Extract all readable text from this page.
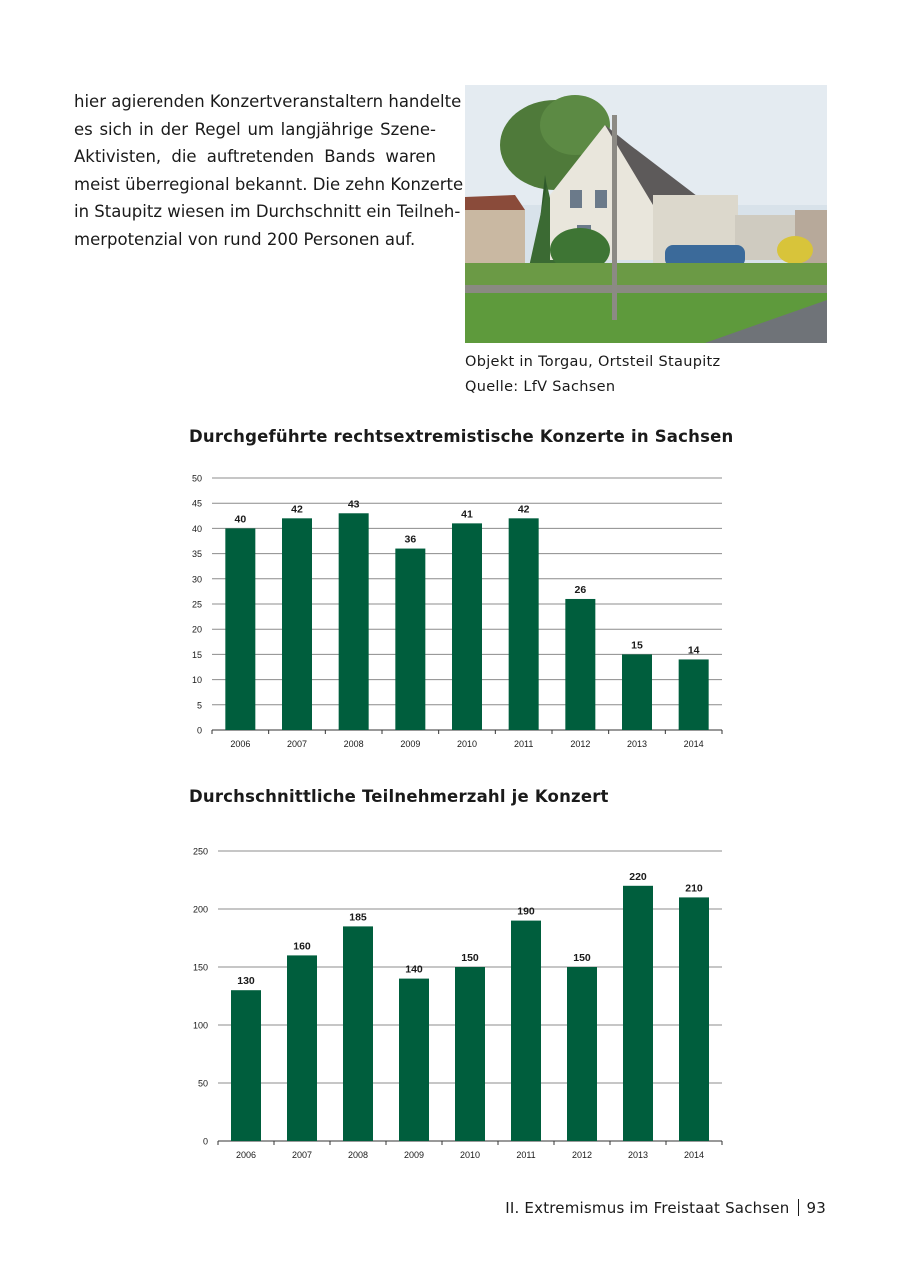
hier agierenden Konzertveranstaltern handelte
es sich in der Regel um langjährige Szene-
Aktivisten, die auftretenden Bands waren
meist überregional bekannt. Die zehn Konzerte
in Staupitz wiesen im Durchschnitt ein Teilneh-
merpotenzial von rund 200 Personen auf.
Objekt in Torgau, Ortsteil Staupitz
Quelle: LfV Sachsen
Durchgeführte rechtsextremistische Konzerte in Sachsen
0
5
10
15
20
25
30
35
40
45
50
40
2006
42
2007
43
2008
36
2009
41
2010
42
2011
26
2012
15
2013
14
2014
Durchschnittliche Teilnehmerzahl je Konzert
0
50
100
150
200
250
130
2006
160
2007
185
2008
140
2009
150
2010
190
2011
150
2012
220
2013
210
2014
II. Extremismus im Freistaat Sachsen 93
